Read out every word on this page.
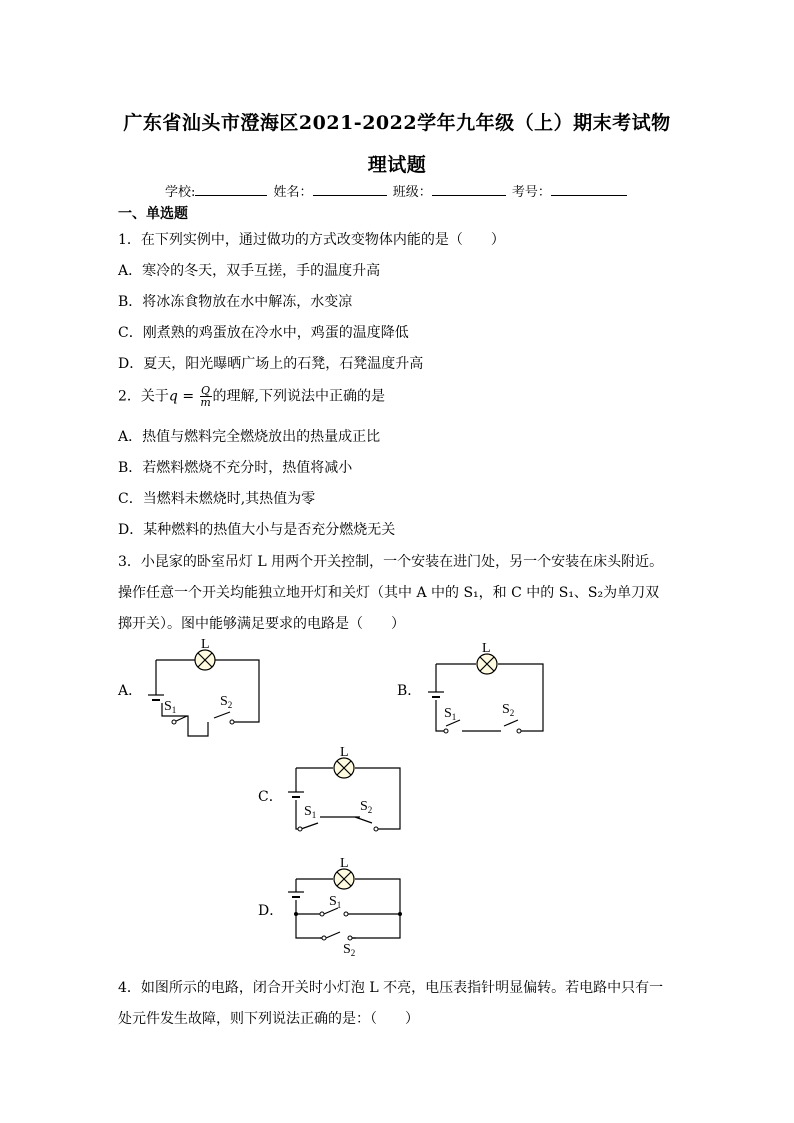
广东省汕头市澄海区2021-2022学年九年级（上）期末考试物
理试题
学校:	姓名：	班级：	考号：
一、单选题
1．在下列实例中，通过做功的方式改变物体内能的是（　　）
A．寒冷的冬天，双手互搓，手的温度升高
B．将冰冻食物放在水中解冻，水变凉
C．刚煮熟的鸡蛋放在冷水中，鸡蛋的温度降低
D．夏天，阳光曝晒广场上的石凳，石凳温度升高
2．关于$q = \frac{Q}{m}$ 的理解,下列说法中正确的是
A．热值与燃料完全燃烧放出的热量成正比
B．若燃料燃烧不充分时，热值将减小
C．当燃料未燃烧时,其热值为零
D．某种燃料的热值大小与是否充分燃烧无关
3．小昆家的卧室吊灯 L 用两个开关控制，一个安装在进门处，另一个安装在床头附近。
操作任意一个开关均能独立地开灯和关灯（其中 A 中的 S₁，和 C 中的 S₁、S₂为单刀双
掷开关）。图中能够满足要求的电路是（　　）
A．
L
$S_1$
$S_2$
B．
L
$S_1$	$S_2$
C．
L
$S_1$
$S_2$
D．
L
$S_1$
$S_2$
4．如图所示的电路，闭合开关时小灯泡 L 不亮，电压表指针明显偏转。若电路中只有一
处元件发生故障，则下列说法正确的是：（　　）
